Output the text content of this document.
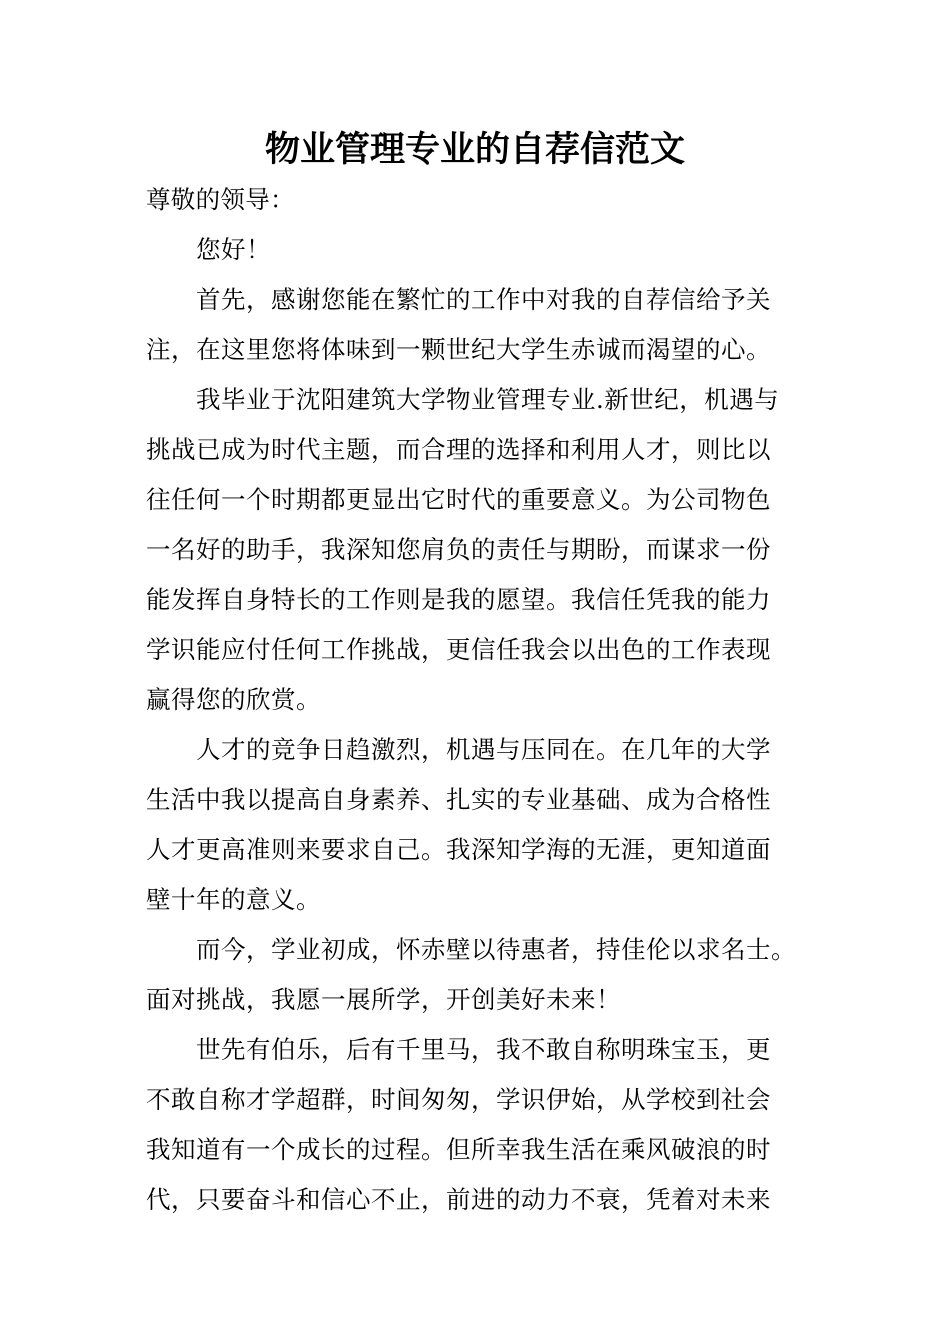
物业管理专业的自荐信范文
尊敬的领导：
您好！
首先，感谢您能在繁忙的工作中对我的自荐信给予关
注，在这里您将体味到一颗世纪大学生赤诚而渴望的心。
我毕业于沈阳建筑大学物业管理专业.新世纪，机遇与
挑战已成为时代主题，而合理的选择和利用人才，则比以
往任何一个时期都更显出它时代的重要意义。为公司物色
一名好的助手，我深知您肩负的责任与期盼，而谋求一份
能发挥自身特长的工作则是我的愿望。我信任凭我的能力
学识能应付任何工作挑战，更信任我会以出色的工作表现
赢得您的欣赏。
人才的竞争日趋激烈，机遇与压同在。在几年的大学
生活中我以提高自身素养、扎实的专业基础、成为合格性
人才更高准则来要求自己。我深知学海的无涯，更知道面
壁十年的意义。
而今，学业初成，怀赤壁以待惠者，持佳伦以求名士。
面对挑战，我愿一展所学，开创美好未来！
世先有伯乐，后有千里马，我不敢自称明珠宝玉，更
不敢自称才学超群，时间匆匆，学识伊始，从学校到社会
我知道有一个成长的过程。但所幸我生活在乘风破浪的时
代，只要奋斗和信心不止，前进的动力不衰，凭着对未来
